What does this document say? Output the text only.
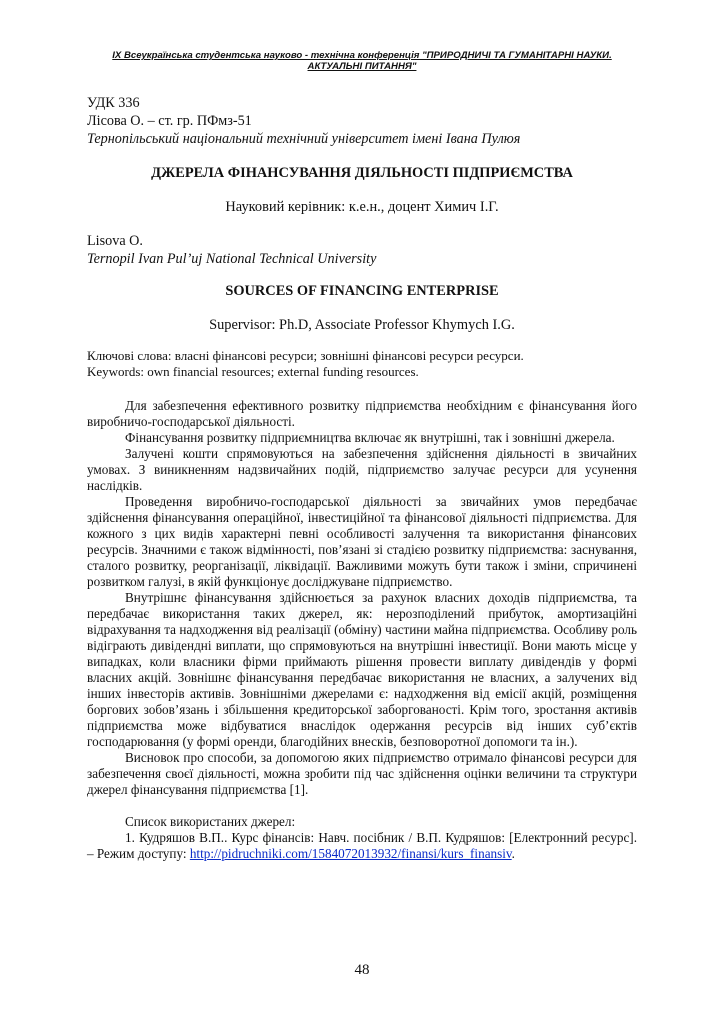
IX Всеукраїнська студентська науково - технічна конференція "ПРИРОДНИЧІ ТА ГУМАНІТАРНІ НАУКИ. АКТУАЛЬНІ ПИТАННЯ"

УДК 336

Лісова О. – ст. гр. ПФмз-51

Тернопільський національний технічний університет імені Івана Пулюя

ДЖЕРЕЛА ФІНАНСУВАННЯ ДІЯЛЬНОСТІ ПІДПРИЄМСТВА

Науковий керівник: к.е.н., доцент Химич І.Г.

Lisova O.

Ternopil Ivan Pul’uj National Technical University

SOURCES OF FINANCING ENTERPRISE

Supervisor: Ph.D, Associate Professor Khymych I.G.

Ключові слова: власні фінансові ресурси; зовнішні фінансові ресурси ресурси.

Keywords: own financial resources; external funding resources.

Для забезпечення ефективного розвитку підприємства необхідним є фінансування його виробничо-господарської діяльності.

Фінансування розвитку підприємництва включає як внутрішні, так і зовнішні джерела.

Залучені кошти спрямовуються на забезпечення здійснення діяльності в звичайних умовах. З виникненням надзвичайних подій, підприємство залучає ресурси для усунення наслідків.

Проведення виробничо-господарської діяльності за звичайних умов передбачає здійснення фінансування операційної, інвестиційної та фінансової діяльності підприємства. Для кожного з цих видів характерні певні особливості залучення та використання фінансових ресурсів. Значними є також відмінності, пов’язані зі стадією розвитку підприємства: заснування, сталого розвитку, реорганізації, ліквідації. Важливими можуть бути також і зміни, спричинені розвитком галузі, в якій функціонує досліджуване підприємство.

Внутрішнє фінансування здійснюється за рахунок власних доходів підприємства, та передбачає використання таких джерел, як: нерозподілений прибуток, амортизаційні відрахування та надходження від реалізації (обміну) частини майна підприємства. Особливу роль відіграють дивідендні виплати, що спрямовуються на внутрішні інвестиції. Вони мають місце у випадках, коли власники фірми приймають рішення провести виплату дивідендів у формі власних акцій. Зовнішнє фінансування передбачає використання не власних, а залучених від інших інвесторів активів. Зовнішніми джерелами є: надходження від емісії акцій, розміщення боргових зобов’язань і збільшення кредиторської заборгованості. Крім того, зростання активів підприємства може відбуватися внаслідок одержання ресурсів від інших суб’єктів господарювання (у формі оренди, благодійних внесків, безповоротної допомоги та ін.).

Висновок про способи, за допомогою яких підприємство отримало фінансові ресурси для забезпечення своєї діяльності, можна зробити під час здійснення оцінки величини та структури джерел фінансування підприємства [1].

Список використаних джерел:

1. Кудряшов В.П.. Курс фінансів: Навч. посібник / В.П. Кудряшов: [Електронний ресурс]. – Режим доступу: http://pidruchniki.com/1584072013932/finansi/kurs_finansiv.

48
